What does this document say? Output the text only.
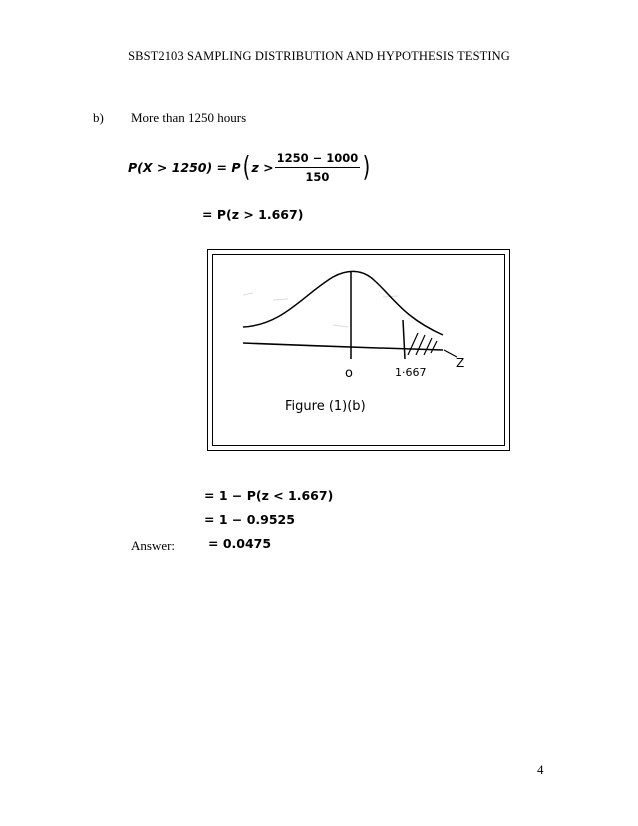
SBST2103 SAMPLING DISTRIBUTION AND HYPOTHESIS TESTING
b) More than 1250 hours
P(X > 1250) = P ( $z > \frac{1250 - 1000}{150}$ )
= P(z > 1.667)
o	1·667
Z
Figure (1)(b)
= 1 − P(z < 1.667)
= 1 − 0.9525
Answer:	= 0.0475
4
